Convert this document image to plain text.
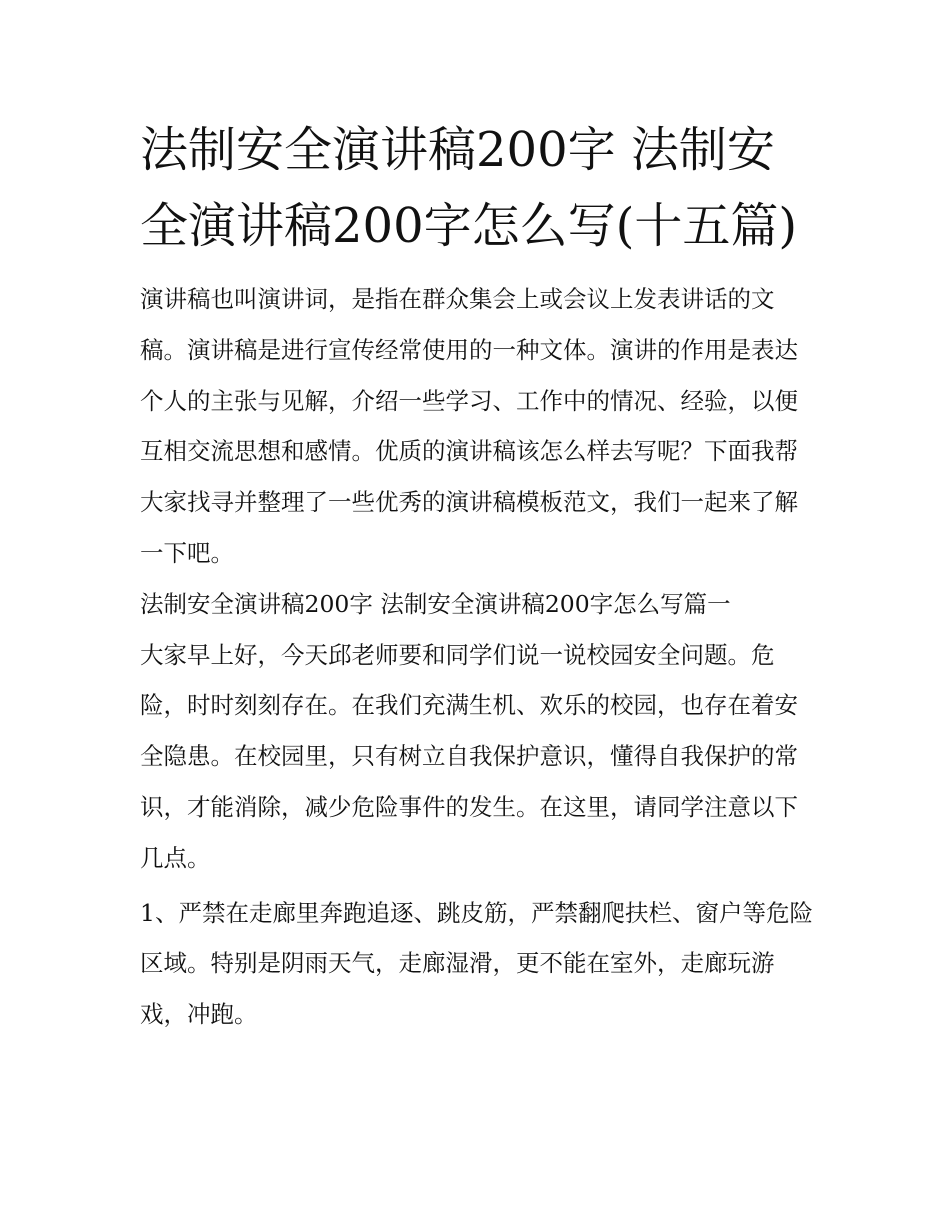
法制安全演讲稿200字 法制安全演讲稿200字怎么写(十五篇)

演讲稿也叫演讲词，是指在群众集会上或会议上发表讲话的文稿。演讲稿是进行宣传经常使用的一种文体。演讲的作用是表达个人的主张与见解，介绍一些学习、工作中的情况、经验，以便互相交流思想和感情。优质的演讲稿该怎么样去写呢？下面我帮大家找寻并整理了一些优秀的演讲稿模板范文，我们一起来了解一下吧。

法制安全演讲稿200字 法制安全演讲稿200字怎么写篇一

大家早上好，今天邱老师要和同学们说一说校园安全问题。危险，时时刻刻存在。在我们充满生机、欢乐的校园，也存在着安全隐患。在校园里，只有树立自我保护意识，懂得自我保护的常识，才能消除，减少危险事件的发生。在这里，请同学注意以下几点。

1、严禁在走廊里奔跑追逐、跳皮筋，严禁翻爬扶栏、窗户等危险区域。特别是阴雨天气，走廊湿滑，更不能在室外，走廊玩游戏，冲跑。
